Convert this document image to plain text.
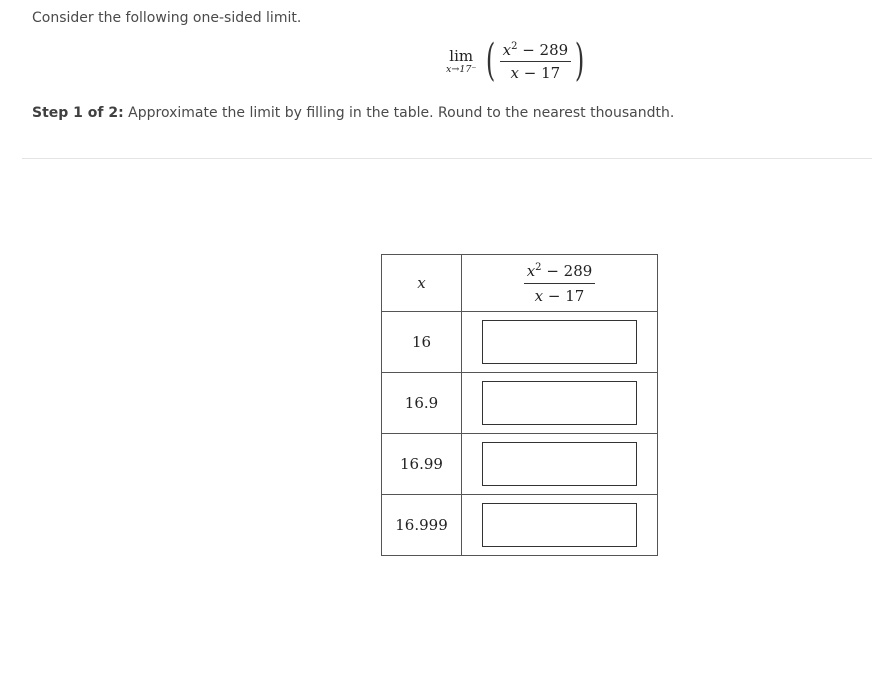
Consider the following one-sided limit.
lim
x→17⁻ ( $\frac{x^2 - 289}{x - 17}$ )
Step 1 of 2: Approximate the limit by filling in the table. Round to the nearest thousandth.
x	$\frac{x^2 - 289}{x - 17}$

16	

16.9	

16.99	

16.999	
